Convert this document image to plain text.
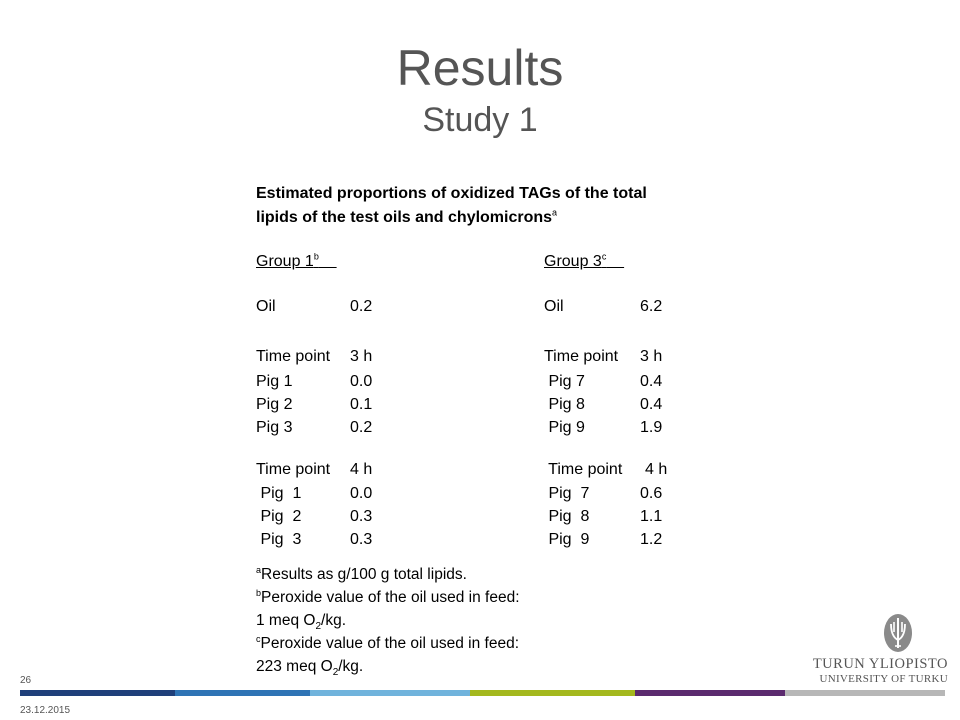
Results
Study 1
Estimated proportions of oxidized TAGs of the total
lipids of the test oils and chylomicrons$^a$
Group 1$^b$
Oil	0.2
Time point 3 h
Pig 1	0.0
Pig 2	0.1
Pig 3	0.2
Time point 4 h
Pig  1	0.0
Pig  2	0.3
Pig  3	0.3
Group 3$^c$
Oil	6.2
Time point 3 h
Pig 7	0.4
Pig 8	0.4
Pig 9	1.9
Time point 4 h
Pig  7	0.6
Pig  8	1.1
Pig  9	1.2
$^a$Results as g/100 g total lipids.
$^b$Peroxide value of the oil used in feed:
1 meq $O_2/kg$.
$^c$Peroxide value of the oil used in feed:
223 meq $O_2/kg$.
26
23.12.2015
TURUN YLIOPISTO
UNIVERSITY OF TURKU
